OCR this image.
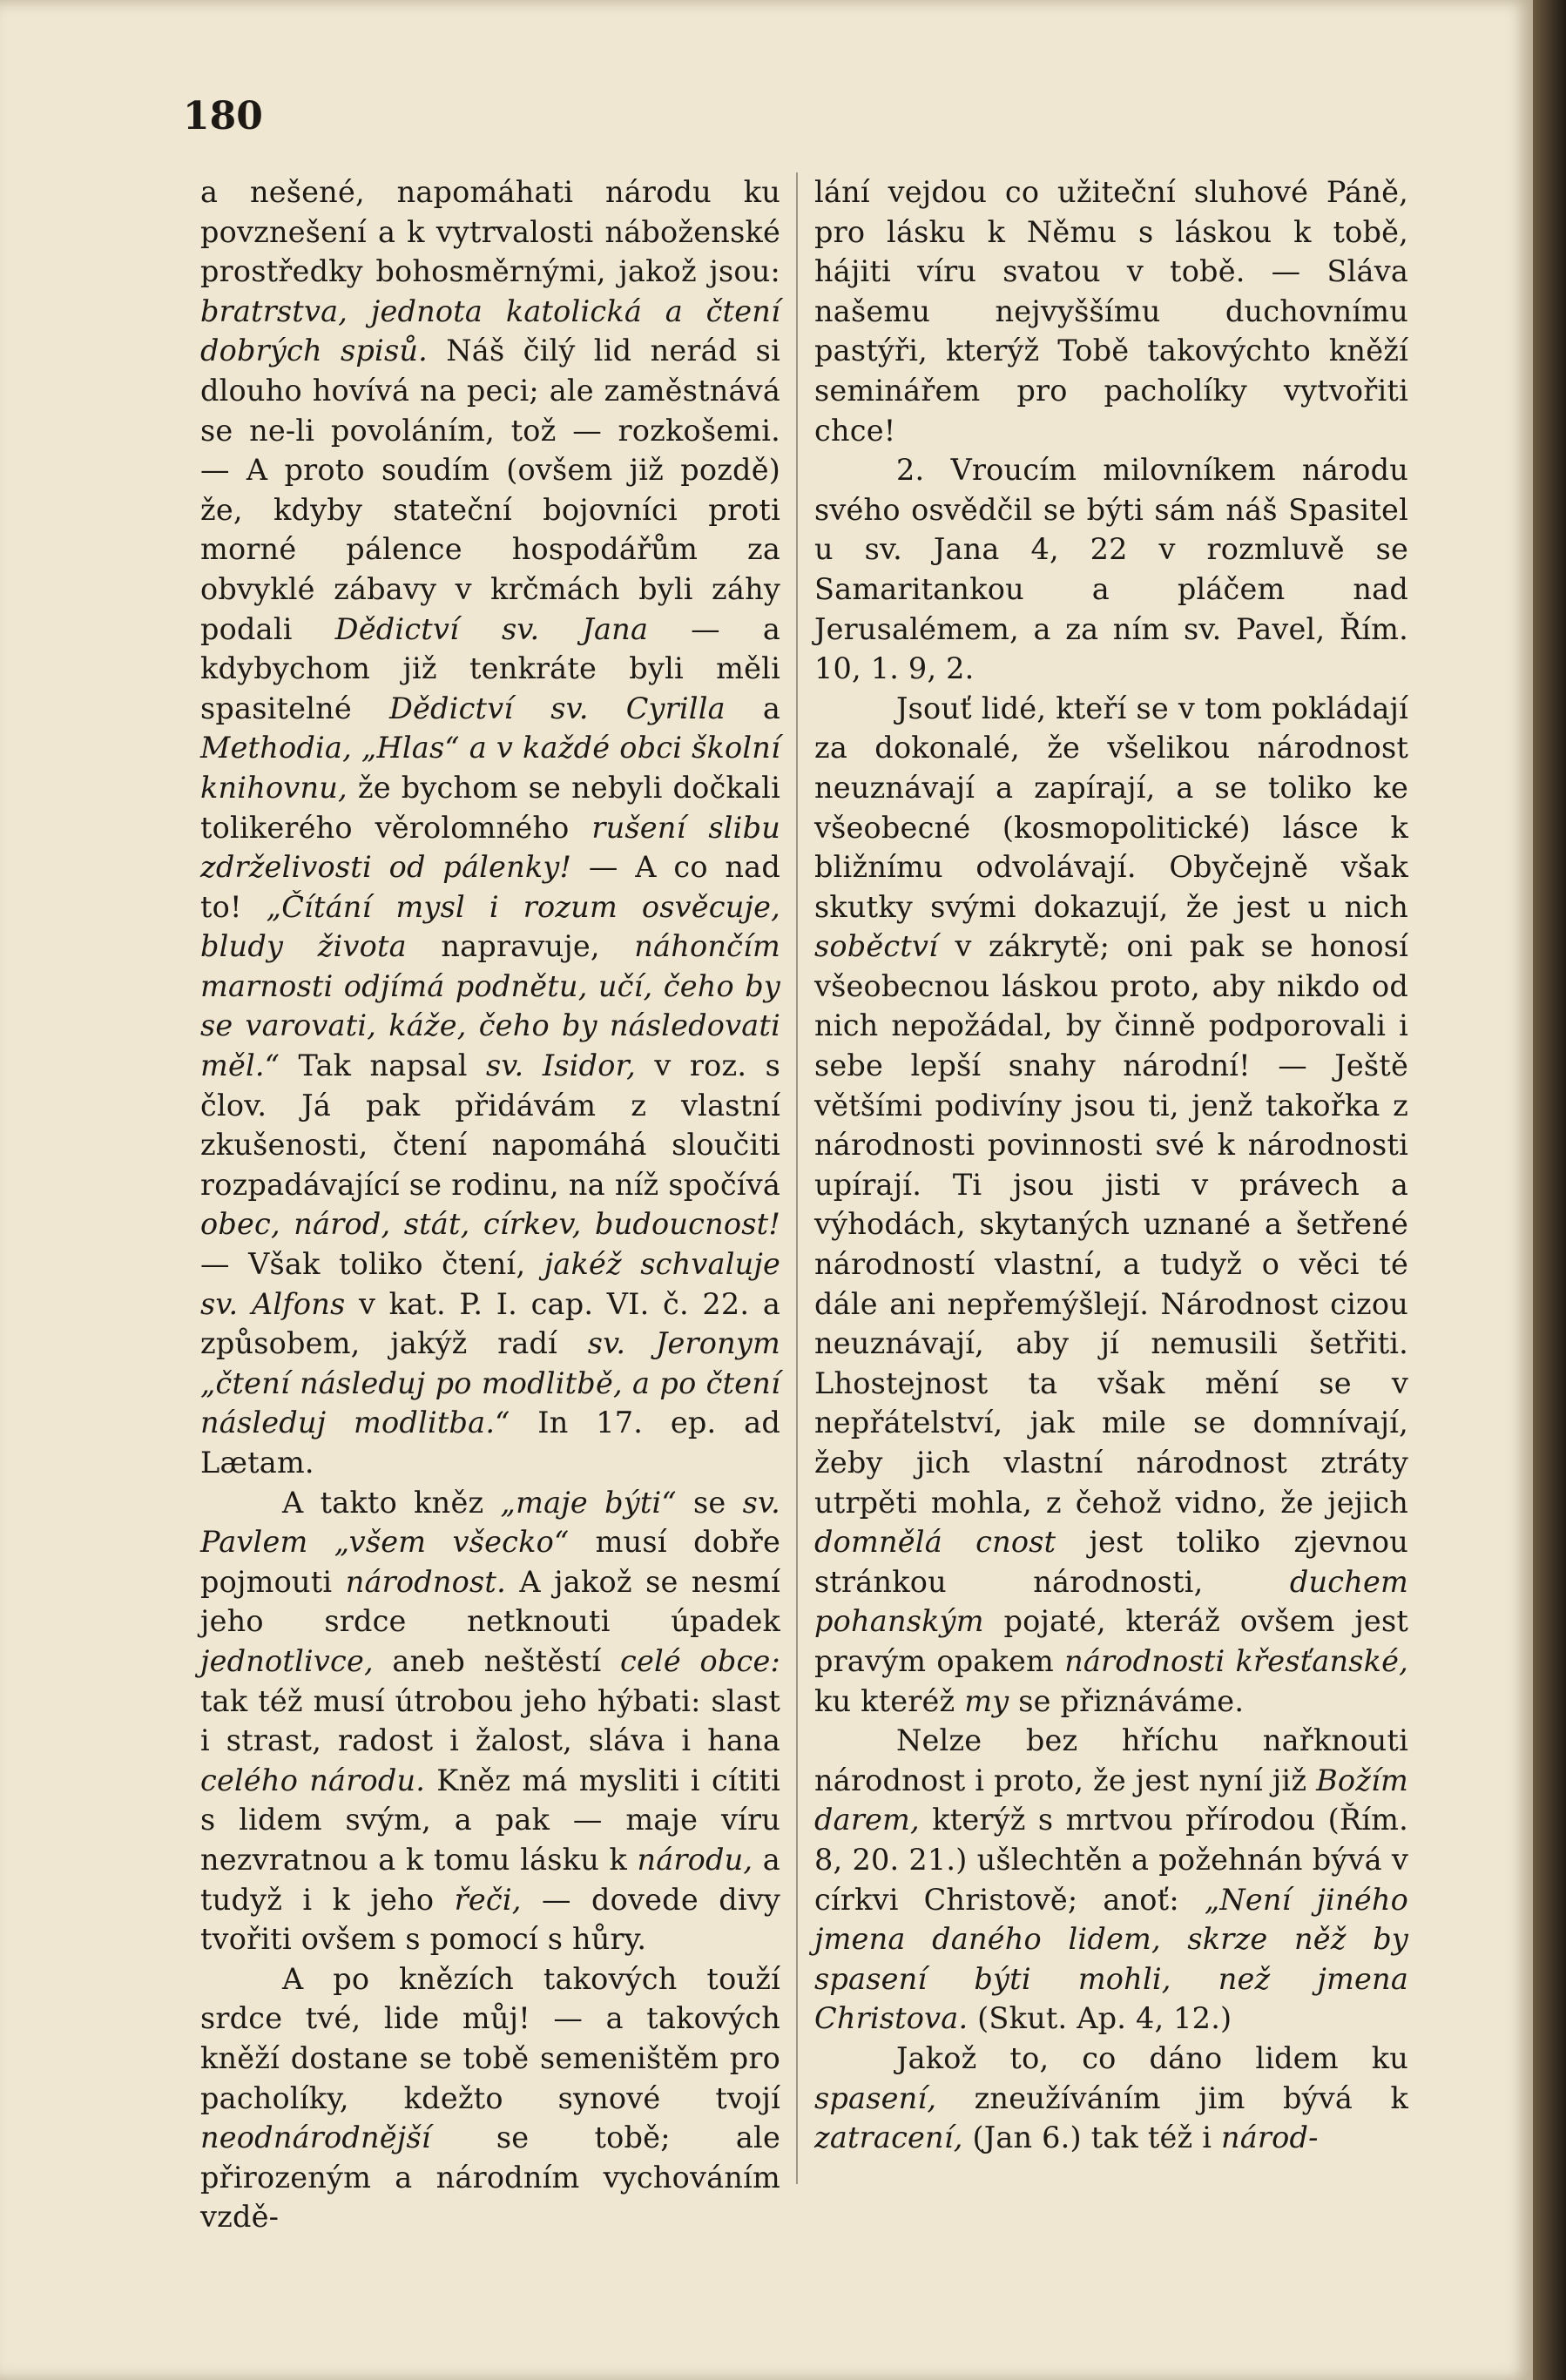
180

a nešené, napomáhati národu ku povznešení a k vytrvalosti náboženské prostředky bohosměrnými, jakož jsou: bratrstva, jednota katolická a čtení dobrých spisů. Náš čilý lid nerád si dlouho hovívá na peci; ale zaměstnává se ne-li povoláním, tož — rozkošemi. — A proto soudím (ovšem již pozdě) že, kdyby stateční bojovníci proti morné pálence hospodářům za obvyklé zábavy v krčmách byli záhy podali Dědictví sv. Jana — a kdybychom již tenkráte byli měli spasitelné Dědictví sv. Cyrilla a Methodia, „Hlas“ a v každé obci školní knihovnu, že bychom se nebyli dočkali tolikerého věrolomného rušení slibu zdrželivosti od pálenky! — A co nad to! „Čítání mysl i rozum osvěcuje, bludy života napravuje, náhončím marnosti odjímá podnětu, učí, čeho by se varovati, káže, čeho by následovati měl.“ Tak napsal sv. Isidor, v roz. s člov. Já pak přidávám z vlastní zkušenosti, čtení napomáhá sloučiti rozpadávající se rodinu, na níž spočívá obec, národ, stát, církev, budoucnost! — Však toliko čtení, jakéž schvaluje sv. Alfons v kat. P. I. cap. VI. č. 22. a způsobem, jakýž radí sv. Jeronym „čtení následuj po modlitbě, a po čtení následuj modlitba.“ In 17. ep. ad Lætam.

A takto kněz „maje býti“ se sv. Pavlem „všem všecko“ musí dobře pojmouti národnost. A jakož se nesmí jeho srdce netknouti úpadek jednotlivce, aneb neštěstí celé obce: tak též musí útrobou jeho hýbati: slast i strast, radost i žalost, sláva i hana celého národu. Kněz má mysliti i cítiti s lidem svým, a pak — maje víru nezvratnou a k tomu lásku k národu, a tudyž i k jeho řeči, — dovede divy tvořiti ovšem s pomocí s hůry.

A po knězích takových touží srdce tvé, lide můj! — a takových kněží dostane se tobě semeništěm pro pacholíky, kdežto synové tvojí neodnárodnější se tobě; ale přirozeným a národním vychováním vzdě-

lání vejdou co užiteční sluhové Páně, pro lásku k Němu s láskou k tobě, hájiti víru svatou v tobě. — Sláva našemu nejvyššímu duchovnímu pastýři, kterýž Tobě takovýchto kněží seminářem pro pacholíky vytvořiti chce!

2. Vroucím milovníkem národu svého osvědčil se býti sám náš Spasitel u sv. Jana 4, 22 v rozmluvě se Samaritankou a pláčem nad Jerusalémem, a za ním sv. Pavel, Řím. 10, 1. 9, 2.

Jsouť lidé, kteří se v tom pokládají za dokonalé, že všelikou národnost neuznávají a zapírají, a se toliko ke všeobecné (kosmopolitické) lásce k bližnímu odvolávají. Obyčejně však skutky svými dokazují, že jest u nich soběctví v zákrytě; oni pak se honosí všeobecnou láskou proto, aby nikdo od nich nepožádal, by činně podporovali i sebe lepší snahy národní! — Ještě většími podivíny jsou ti, jenž takořka z národnosti povinnosti své k národnosti upírají. Ti jsou jisti v právech a výhodách, skytaných uznané a šetřené národností vlastní, a tudyž o věci té dále ani nepřemýšlejí. Národnost cizou neuznávají, aby jí nemusili šetřiti. Lhostejnost ta však mění se v nepřátelství, jak mile se domnívají, žeby jich vlastní národnost ztráty utrpěti mohla, z čehož vidno, že jejich domnělá cnost jest toliko zjevnou stránkou národnosti, duchem pohanským pojaté, kteráž ovšem jest pravým opakem národnosti křesťanské, ku kteréž my se přiznáváme.

Nelze bez hříchu nařknouti národnost i proto, že jest nyní již Božím darem, kterýž s mrtvou přírodou (Řím. 8, 20. 21.) ušlechtěn a požehnán bývá v církvi Christově; anoť: „Není jiného jmena daného lidem, skrze něž by spasení býti mohli, než jmena Christova. (Skut. Ap. 4, 12.)

Jakož to, co dáno lidem ku spasení, zneužíváním jim bývá k zatracení, (Jan 6.) tak též i národ-
